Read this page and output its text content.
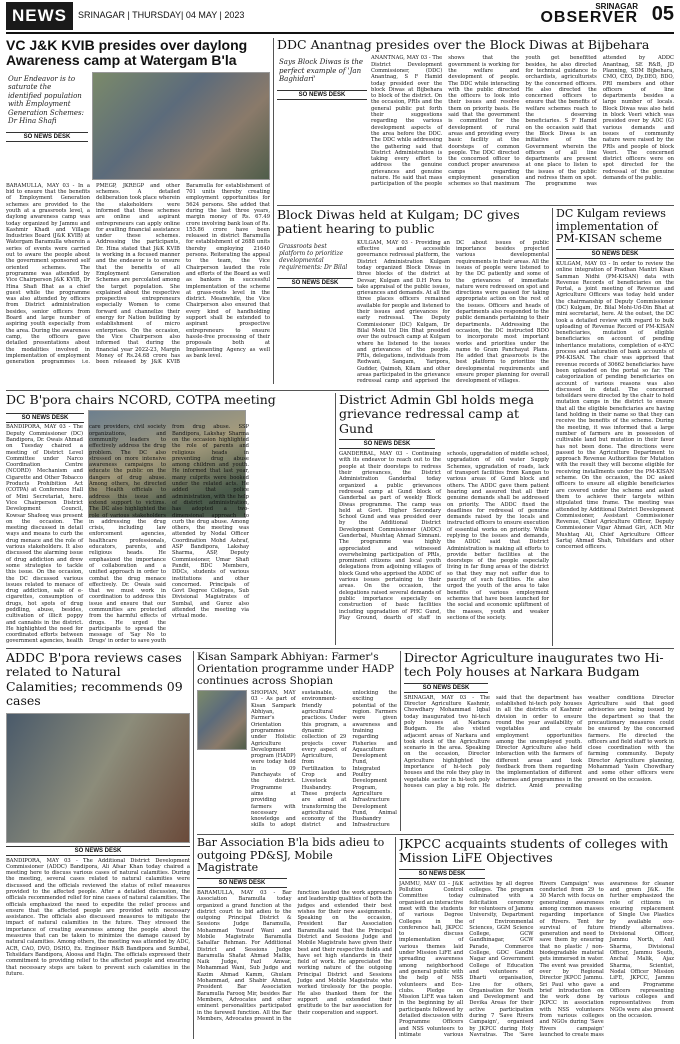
NEWS	SRINAGAR | THURSDAY| 04 MAY | 2023
SRINAGAR
OBSERVER 05
VC J&K KVIB presides over daylong Awareness camp at Watergam B'la
Our Endeavor is to saturate the identified population with Employment Generation Schemes: Dr Hina Shafi
SO NEWS DESK
BARAMULLA, MAY 03 - In a bid to ensure that the benefits of Employment Generation schemes are provided to the youth at a grassroots level, a daylong awareness camp was today organized by Jammu and Kashmir Khadi and Village Industries Board (J&K KVIB) at Watergam Baramulla wherein a series of events were carried out to aware the people about the government sponsored self oriented schemes. The programme was attended by Vice Chairperson J&K KVIB, Dr Hina Shafi Bhat as a chief guest while the programme was also attended by officers from District administration besides, senior officers from Board and large number of aspiring youth especially from the area. During the awareness camp, the officers gave detailed presentations about the modalities involved in implementation of employment generation programmes i.e. PMEGP, JKREGP and other schemes. A detailed deliberation took place wherein the stakeholders were informed that these schemes are online and aspirant entrepreneurs can apply online for availing financial assistance under these schemes. Addressing the participants, Dr. Hina stated that J&K KVIB is working in a focused manner and the endeavor is to ensure that the benefits of all Employment Generation Schemes are percolated among the target population. She explained about the respective prospective entrepreneurs especially Women to come forward and channelize their energy for Nation building by establishment of micro enterprises. On the occasion, the Vice Chairperson also informed that during the financial year 2022-23, Margin Money of Rs.24.68 crore has been released by J&K KVIB Baramulla for establishment of 701 units thereby creating employment opportunities for 5624 persons. She added that during the last three years, margin money of Rs. 67.49 crore involving bank loan of Rs. 155.86 crore have been released in district Baramulla for establishment of 2688 units thereby employing 21640 persons. Reiterating the appeal to the team, the Vice Chairperson lauded the role and efforts of the Board as well as bankers in successful implementation of the scheme at grass-roots level in the district. Meanwhile, the Vice Chairperson also ensured that every kind of handholding support shall be extended to aspirant prospective entrepreneurs to ensure hassle-free processing of their proposals both at Implementing Agency as well as bank level.
DDC Anantnag presides over the Block Diwas at Bijbehara
Says Block Diwas is the perfect example of 'Jan Baghidari'
SO NEWS DESK
ANANTNAG, MAY 03 - The District Development Commissioner, (DDC) Anantnag, S F Hamid today presided over the block Diwas at Bijbehara to block of the district. On the occasion, PRIs and the general public put forth their suggestions regarding the various development aspects of the area before the DDC. The DDC while addressing the gathering said that District Administration is taking every effort to address the genuine grievances and genuine nature. He said that mass participation of the people shows that the government is working for the welfare and development of people. The DDC while interacting with the public directed the officers to look into their issues and resolve them on priority basis. He said that the government is committed for the development of rural areas and providing every basic facility at the doorsteps of common people. The DDC directed the concerned officer to conduct proper awareness camps regarding employment generation schemes so that maximum youth get benefitted besides, he also directed for technical guidance to orchardists, agriculturists by the concerned officers. He also directed the concerned officers to ensure that the benefits of welfare schemes reach to the deserving beneficiaries. S F Hamid on the occasion said that the Block Diwas is an initiative of the Government wherein the officers of all line departments are present at one place to listen to the issues of the public and redress them on spot. The programme was attended by ADDC Anantnag, SE R&B, JD Planning, SDM Bijbehara, CMO, CEO, Dy.DEO, BDO, PRI members and other officers of line departments besides a large number of locals. Block Diwas was also held in block Veeri which was presided over by ADC (G) various demands and issues of community nature were raised by the PRIs and people of block Veeri. The concerned district officers were on spot directed for the redressal of the genuine demands of the public.
Block Diwas held at Kulgam; DC gives patient hearing to public
Grassroots best platform to prioritize developmental requirements: Dr Bilal
SO NEWS DESK
KULGAM, MAY 03 - Providing an effective and accessible governance redressal platform, the District Administration Kulgam today organized Block Diwas in three blocks of the district at Devsar, Kulgam and D.H Pora to take appraisal of the public issues, grievances and demands. At all the three places officers remained available for people and listened to their issues and grievances for early redressal. The Deputy Commissioner (DC) Kulgam, Dr Bilal Mohi Ud Din Bhat presided over the outreach camp at Kulgam where he listened to the issues and grievances of the people. PRIs, delegations, individuals from Redwani, Sangam, Yaripora, Gudder, Qaimoh, Kilam and other areas participated in the grievance redressal camp and apprised the DC about issues of public importance besides projected various developmental requirements in their areas. All the issues of people were listened to by the DC patiently and some of the grievances of immediate nature were redressed on spot and directions were passed for taking appropriate action on the rest of the issues. Officers and heads of departments also responded to the public demands pertaining to their departments. Addressing the occasion, the DC instructed BDO to incorporate most important works and priorities under the name to Gram Panchayat Plans. He added that grassroots is the best platform to prioritize the developmental requirements and ensure proper planning for overall development of villages.
DC Kulgam reviews implementation of PM-KISAN scheme
SO NEWS DESK
KULGAM, MAY 03 - In order to review the online integration of Pradhan Mantri Kisan Samman Nidhi (PM-KISAN) data with Revenue Records of beneficiaries on the Portal, a joint meeting of Revenue and Agriculture Officers was today held under the chairmanship of Deputy Commissioner (DC) Kulgam, Dr. Bilal Mohi-Ud-Din Bhat at mini secretariat, here. At the outset, the DC took a detailed review with regard to bulk uploading of Revenue Record of PM-KISAN beneficiaries, mutation of eligible beneficiaries on account of pending inheritance mutations, completion of e-KYC process and saturation of bank accounts of PM-KISAN. The chair was apprised that revenue records of 30662 beneficiaries have been uploaded on the portal so far. The categorization of pending beneficiaries on account of various reasons was also discussed in detail. The concerned tehsildars were directed by the chair to hold mutation camps in the district to ensure that all the eligible beneficiaries are having land holding in their name so that they can receive the benefits of the scheme. During the meeting, it was informed that a large number of farmers are in possession of cultivable land but mutation in their favor has not been done. The directions were passed to the Agriculture Department to approach Revenue Authorities for Mutation with the result they will become eligible for receiving installments under the PM-KISAN scheme. On the occasion, the DC asked officers to ensure all eligible beneficiaries are covered under the scheme and asked them to achieve their targets within stipulated time frame. The meeting was attended by Additional District Development Commissioner, Assistant Commissioner Revenue, Chief Agriculture Officer, Deputy Commissioner Vigar Ahmad Giri, ACR Mir Mushtaq Ali, Chief Agriculture Officer Sartaj Ahmad Shah, Tehsildars and other concerned officers.
DC B'pora chairs NCORD, COTPA meeting
SO NEWS DESK
BANDIPORA, MAY 03 - The Deputy Commissioner (DC) Bandipora, Dr. Owais Ahmad on Tuesday chaired a meeting of District Level Committee under Narco Coordination Centre (NCORD) Mechanism and Cigarette and Other Tobacco Products Prohibition Act (COTPA) at Conference Hall of Mini Secretariat, here. Vice Chairperson District Development Council, Kowsar Shafeeq was present on the occasion. The meeting discussed in detail ways and means to curb the drug menace and the role of various stakeholders. It also discussed the alarming issue of drug addiction and drew some strategies to tackle this issue. On the occasion, the DC discussed various issues related to menace of drug addiction, sale of e-cigarettes, consumption of drugs, hot spots of drug peddling, abuse, besides, cultivation of illicit poppy and cannabis in the district. He highlighted the need for coordinated efforts between government agencies, health care providers, civil society organizations, and community leaders to effectively address the drug problem. The DC also stressed on more intensive awareness campaigns to educate the public on the dangers of drug abuse. Among others, he directed the Health officials to address this issue and extend support to victims. The DC also highlighted the role of various stakeholders in addressing the drug crisis, including law enforcement agencies, healthcare professionals, educators, parents, and religious heads. He emphasized the importance of collaboration and a unified approach in order to combat the drug menace effectively. Dr. Owais said that we must work in coordination to address this issue and ensure that our communities are protected from the harmful effects of drugs. He urged the participants to spread the message of 'Say No to Drugs' in order to save youth from drug abuse. SSP Bandipora, Lakshay Sharma on the occasion highlighted the role of parents and religious heads in preventing drug abuse among children and youth. He informed that last year, many culprits were booked under the related acts. He added that police administration, with the help of district administration, has adopted a two-dimensional approach to curb the drug abuse. Among others, the meeting was attended by Nodal Officer Coordination Mohd Ashraf, ASP Bandipora, Lakshay Sharma, ASP, Deputy Commissioner, Umar Shafi Pandit, BDC Members, DDCs, students of various institutions and other concerned. Principals of Govt Degree Colleges, Sub Divisional Magistrates of Sumbal, and Gurez also attended the meeting via virtual mode.
District Admin Gbl holds mega grievance redressal camp at Gund
SO NEWS DESK
GANDERBAL, MAY 03 - Continuing with its endeavor to reach out to the people at their doorsteps to redress their grievances, the District Administration Ganderbal today organized a public grievances redressal camp at Gund block of Ganderbal as part of weekly Block Diwas programme. The camp was held at Govt. Higher Secondary School Gund and was presided over by the Additional District Development Commissioner (ADDC) Ganderbal, Mushtaq Ahmad Simnani. The programme was highly appreciated and witnessed overwhelming participation of PRIs, prominent citizens and local youth delegations from adjoining villages of block Gund who apprised the ADDC of various issues pertaining to their areas. On the occasion, the delegations raised several demands of public importance especially on construction of basic facilities including upgradation of PHC Gund, Play Ground, dearth of staff in schools, upgradation of middle school, upgradation of old water Supply Schemes, upgradation of roads, lack of transport facilities from Kangan to various areas of Gund block and others. The ADDC gave them patient hearing and assured that all their genuine demands shall be addressed on priority. The ADDC fixed the deadlines for redressal of genuine demands raised by the locals and instructed officers to ensure execution of essential works on priority. While replying to the issues and demands, the ADDC said that District Administration is making all efforts to provide better facilities at the doorsteps of the people especially living in far flung areas of the district so that they may not suffer due to paucity of such facilities. He also urged the youth of the area to take benefits of various employment schemes that have been launched for the social and economic upliftment of the masses, youth and weaker sections of the society.
ADDC B'pora reviews cases related to Natural Calamities; recommends 09 cases
SO NEWS DESK
BANDIPORA, MAY 03 - The Additional District Development Commissioner (ADDC) Bandipora, Ali Afsar Khan today chaired a meeting here to discuss various cases of natural calamities. During the meeting, several cases related to natural calamities were discussed and the officials reviewed the status of relief measures provided to the affected people. After a detailed discussion, the officials recommended relief for nine cases of natural calamities. The officials emphasized the need to expedite the relief process and ensure that the affected people are provided with necessary assistance. The officials also discussed measures to mitigate the impact of natural calamities in the future. They stressed the importance of creating awareness among the people about the measures that can be taken to minimize the damage caused by natural calamities. Among others, the meeting was attended by ADC, ACR, CAO, DVO, DSHO, Ex. Engineer R&B Bandipora and Sumbal, Tehsildars Bandipora, Aloosa and Hajin. The officials expressed their commitment to providing relief to the affected people and ensuring that necessary steps are taken to prevent such calamities in the future.
Kisan Sampark Abhiyan: Farmer's Orientation programme under HADP continues across Shopian
SHOPIAN, MAY 03 - As part of Kisan Sampark Abhiyan, Farmer's Orientation programmes under Holistic Agriculture Development program (HADP) were today held in 09 Panchayats of the district. Programme aims at providing farmers with necessary knowledge and skills to adopt sustainable, environment-friendly agricultural practices. Under this program, a dynamic collection of 29 projects cover every aspect of Agriculture, from Fertilization to Crop and Livestock Husbandry. These projects are aimed at transforming the agricultural economy of the district and unlocking the exciting potential of the region. Farmers were given awareness and training regarding Fisheries and Aquaculture Development Fund, Integrated Poultry Development Program, Agriculture Infrastructure Development Fund, Animal Husbandry Infrastructure
Director Agriculture inaugurates two Hi-tech Poly houses at Narkara Budgam
SO NEWS DESK
SRINAGAR, MAY 03 - The Director Agriculture Kashmir, Chowdhary Mohammad Iqbal today inaugurated two hi-tech poly houses at Narkara Budgam. He also visited adjacent areas of Narkara and took stock of the Agriculture scenario in the area. Speaking on the occasion, Director Agriculture highlighted the importance of hi-tech poly houses and the role they play in vegetable sector in hi-tech poly houses can play a big role. He said that the department has established hi-tech poly houses in all the districts of Kashmir division in order to ensure round the year availability of vegetables and create employment opportunities among the unemployed youth. Director Agriculture also held interaction with the farmers of different areas and took feedback from them regarding the implementation of different schemes and programmes in the district. Amid prevailing weather conditions Director Agriculture said that good advisories are being issued by the department so that the precautionary measures could be ensured by the concerned farmers. He directed the officers and field staff to work in close coordination with the farming community. Deputy Director Agriculture planning, Mohammad Yasin Chowdhary and some other officers were present on the occasion.
Bar Association B'la bids adieu to outgoing PD&SJ, Mobile Magistrate
SO NEWS DESK
BARAMULLA, MAY 03 - Bar Association Baramulla today organized a grand function at the district court to bid adieu to the outgoing Principal District & Sessions Judge Baramulla, Mohammad Yousuf Wani and Mobile Magistrate Baramulla Sahalfar Rehman. For Additional District and Sessions Judge Baramulla Shafat Ahmad Mallik, Naik Judge, Fazl Anwar, Mohammad Wani, Sub Judge and Kazim Ahmad Kamm, Ghulam Mohammad, and Shabir Ahmad, President Bar Association Baramulla Farooq Mir, besides Bar Members, Advocates and other eminent personalities participated in the farewell function. All the Bar Members, Advocates present in the function lauded the work approach and leadership qualities of both the judges and extended their best wishes for their new assignments. Speaking on the occasion, President Bar Association Baramulla said that the Principal District and Sessions Judge and Mobile Magistrate have given their best and their respective fields and have set high standards in their field of work. He appreciated the working nature of the outgoing Principal District and Sessions Judge and Mobile Magistrate who worked tirelessly for the people. He also thanked them for the support and extended their gratitude to the bar association for their cooperation and support.
JKPCC acquaints students of colleges with Mission LiFE Objectives
SO NEWS DESK
JAMMU, MAY 03 - J&K Pollution Control Committee today organised an interactive meet with the students of various Degree Colleges in the conference hall, JKPCC to discuss implementation of various themes laid under Mission LiFE and spreading awareness among neighborhood and general public with the help of NSS volunteers and Eco-clubs. Pledge on Mission LiFE was taken in the beginning by all participants followed by detailed discussion with Programme Officers and NSS volunteers to intimate various activities by all degree colleges. The program culminated with a felicitation ceremony for volunteers of Jammu University, Department of Environmental Sciences, GGM Science College, GCW Gandhinagar, GCW Parade, Commerce College, GDC Gandhi Nagar and Government College of Education and volunteers of Dharti organisation, Live for others, Organisation for Youth and Development and Devika Areas for their active participation during 7 'Save Rivers Campaign', organised by JKPCC during Holy Navratras. The 'Save Rivers Campaign' was conducted from 29 to 30 March with focus on generating awareness among common masses regarding importance of Rivers. Tent for survival of future generation and need to save them by ensuring that no plastic / non-biodegradable material gets immersed in water. The event was presided over by Regional Director JKPCC Jammu. Sri Paul who gave a brief introduction on the work done by JKPCC in association with NSS volunteers from various colleges and NGOs during 'Save Rivers campaign' launched to create mass awareness for cleaner and green J&K. He further emphasized the role of citizens in ensuring replacement of Single Use Plastics by available eco-friendly alternatives. Divisional Officer, Jammu North, Anil Sharma, Divisional Officer, Jammu South, Anchal Malik, Ajaz Sharma, Scientist, Nodal Officer Mission LiFE, JKPCC, Jammu and Programme Officers representing various colleges and representatives from NGOs were also present on the occasion.
